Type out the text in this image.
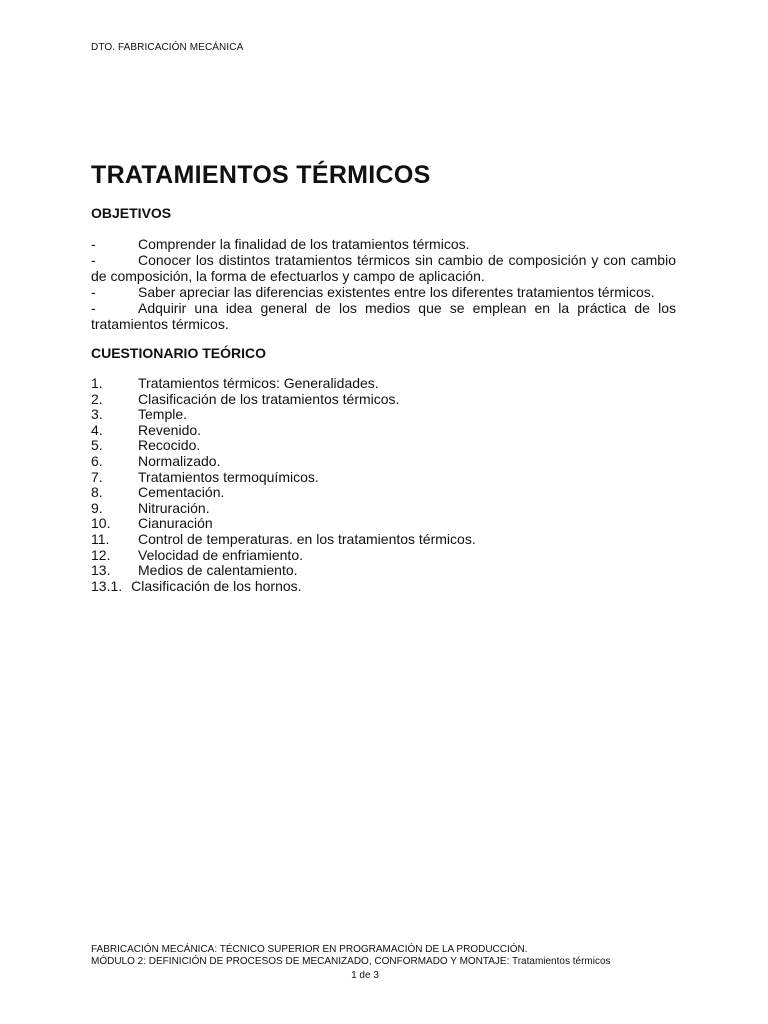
DTO. FABRICACIÓN MECÁNICA
TRATAMIENTOS TÉRMICOS
OBJETIVOS
-	Comprender la finalidad de los tratamientos térmicos.
-	Conocer los distintos tratamientos térmicos sin cambio de composición y con cambio de composición, la forma de efectuarlos y campo de aplicación.
-	Saber apreciar las diferencias existentes entre los diferentes tratamientos térmicos.
-	Adquirir una idea general de los medios que se emplean en la práctica de los tratamientos térmicos.
CUESTIONARIO TEÓRICO
1.	Tratamientos térmicos: Generalidades.
2.	Clasificación de los tratamientos térmicos.
3.	Temple.
4.	Revenido.
5.	Recocido.
6.	Normalizado.
7.	Tratamientos termoquímicos.
8.	Cementación.
9.	Nitruración.
10. Cianuración
11. Control de temperaturas. en los tratamientos térmicos.
12. Velocidad de enfriamiento.
13. Medios de calentamiento.
13.1. Clasificación de los hornos.
FABRICACIÓN MECÁNICA: TÉCNICO SUPERIOR EN PROGRAMACIÓN DE LA PRODUCCIÓN.
MÓDULO 2: DEFINICIÓN DE PROCESOS DE MECANIZADO, CONFORMADO Y MONTAJE: Tratamientos térmicos
1 de 3
